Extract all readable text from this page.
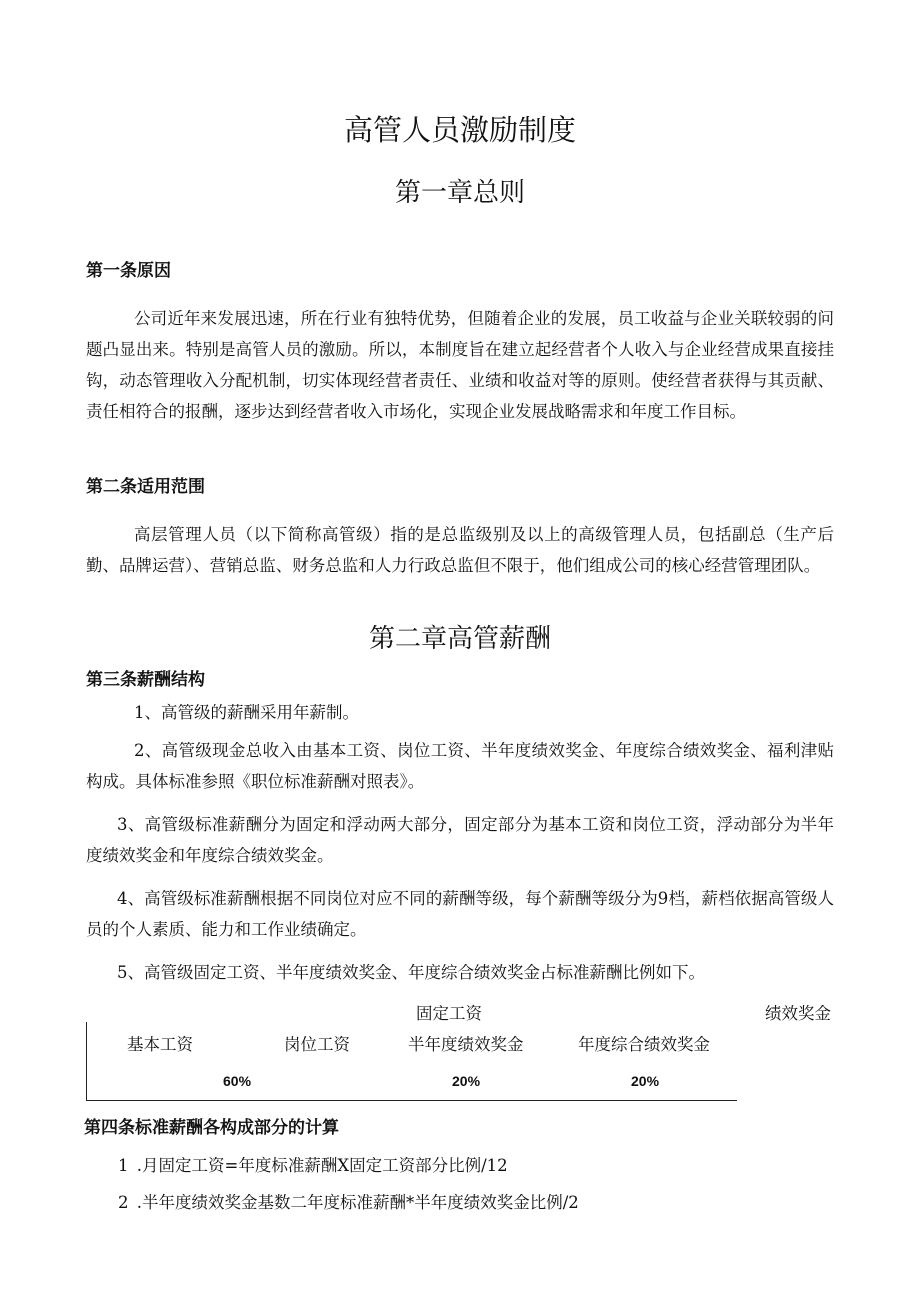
高管人员激励制度
第一章总则
第一条原因
公司近年来发展迅速，所在行业有独特优势，但随着企业的发展，员工收益与企业关联较弱的问题凸显出来。特别是高管人员的激励。所以，本制度旨在建立起经营者个人收入与企业经营成果直接挂钩，动态管理收入分配机制，切实体现经营者责任、业绩和收益对等的原则。使经营者获得与其贡献、责任相符合的报酬，逐步达到经营者收入市场化，实现企业发展战略需求和年度工作目标。
第二条适用范围
高层管理人员（以下简称高管级）指的是总监级别及以上的高级管理人员，包括副总（生产后勤、品牌运营）、营销总监、财务总监和人力行政总监但不限于，他们组成公司的核心经营管理团队。
第二章高管薪酬
第三条薪酬结构
1、高管级的薪酬采用年薪制。
2、高管级现金总收入由基本工资、岗位工资、半年度绩效奖金、年度综合绩效奖金、福利津贴构成。具体标准参照《职位标准薪酬对照表》。
3、高管级标准薪酬分为固定和浮动两大部分，固定部分为基本工资和岗位工资，浮动部分为半年度绩效奖金和年度综合绩效奖金。
4、高管级标准薪酬根据不同岗位对应不同的薪酬等级，每个薪酬等级分为9档，薪档依据高管级人员的个人素质、能力和工作业绩确定。
5、高管级固定工资、半年度绩效奖金、年度综合绩效奖金占标准薪酬比例如下。
固定工资	绩效奖金
基本工资	岗位工资	半年度绩效奖金	年度综合绩效奖金
60%	20%	20%
第四条标准薪酬各构成部分的计算
1 .月固定工资=年度标准薪酬X固定工资部分比例/12
2 .半年度绩效奖金基数二年度标准薪酬*半年度绩效奖金比例/2
